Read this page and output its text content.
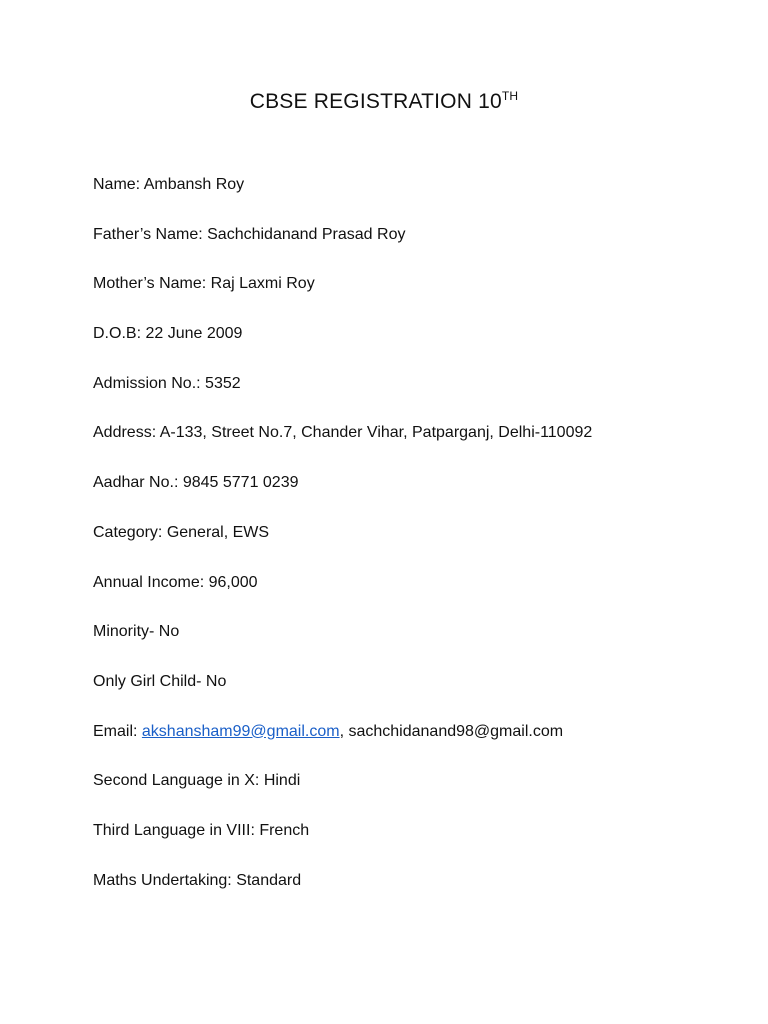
CBSE REGISTRATION 10TH
Name: Ambansh Roy
Father’s Name: Sachchidanand Prasad Roy
Mother’s Name: Raj Laxmi Roy
D.O.B: 22 June 2009
Admission No.: 5352
Address: A-133, Street No.7, Chander Vihar, Patparganj, Delhi-110092
Aadhar No.: 9845 5771 0239
Category: General, EWS
Annual Income: 96,000
Minority- No
Only Girl Child- No
Email: akshansham99@gmail.com, sachchidanand98@gmail.com
Second Language in X: Hindi
Third Language in VIII: French
Maths Undertaking: Standard
